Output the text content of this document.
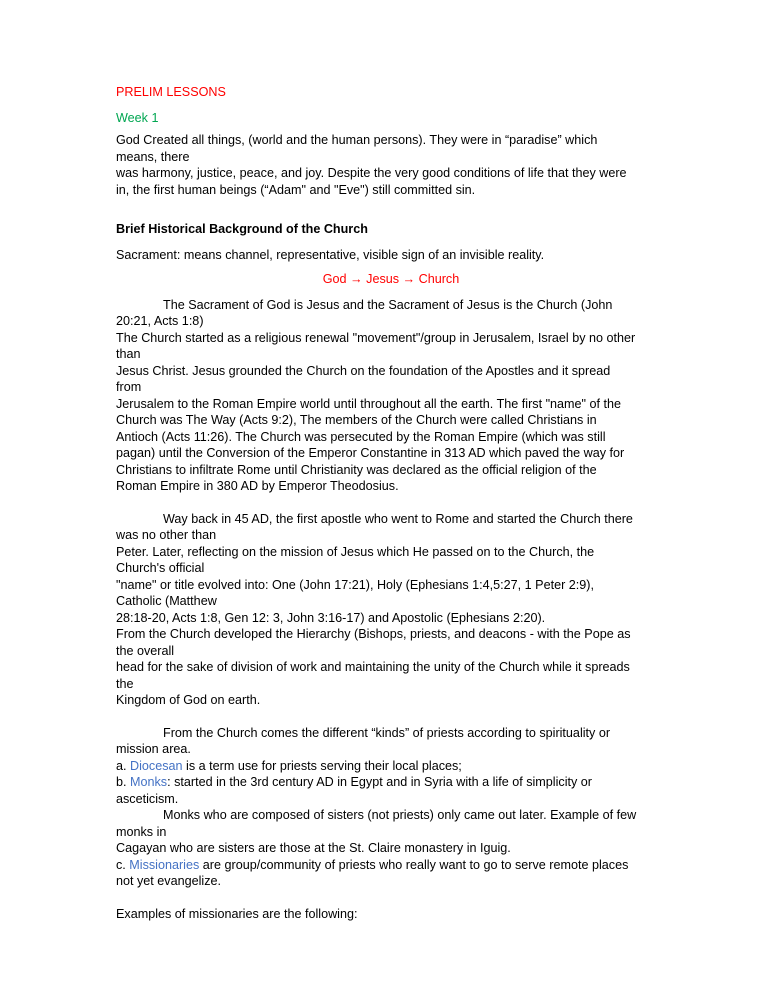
PRELIM LESSONS
Week 1
God Created all things, (world and the human persons). They were in “paradise” which
means, there
was harmony, justice, peace, and joy. Despite the very good conditions of life that they were
in, the first human beings (“Adam" and "Eve") still committed sin.
Brief Historical Background of the Church
Sacrament: means channel, representative, visible sign of an invisible reality.
God → Jesus → Church
The Sacrament of God is Jesus and the Sacrament of Jesus is the Church (John
20:21, Acts 1:8)
The Church started as a religious renewal "movement"/group in Jerusalem, Israel by no other
than
Jesus Christ. Jesus grounded the Church on the foundation of the Apostles and it spread
from
Jerusalem to the Roman Empire world until throughout all the earth. The first "name" of the
Church was The Way (Acts 9:2), The members of the Church were called Christians in
Antioch (Acts 11:26). The Church was persecuted by the Roman Empire (which was still
pagan) until the Conversion of the Emperor Constantine in 313 AD which paved the way for
Christians to infiltrate Rome until Christianity was declared as the official religion of the
Roman Empire in 380 AD by Emperor Theodosius.
Way back in 45 AD, the first apostle who went to Rome and started the Church there
was no other than
Peter. Later, reflecting on the mission of Jesus which He passed on to the Church, the
Church's official
"name" or title evolved into: One (John 17:21), Holy (Ephesians 1:4,5:27, 1 Peter 2:9),
Catholic (Matthew
28:18-20, Acts 1:8, Gen 12: 3, John 3:16-17) and Apostolic (Ephesians 2:20).
From the Church developed the Hierarchy (Bishops, priests, and deacons - with the Pope as
the overall
head for the sake of division of work and maintaining the unity of the Church while it spreads
the
Kingdom of God on earth.
From the Church comes the different “kinds” of priests according to spirituality or
mission area.
a. Diocesan is a term use for priests serving their local places;
b. Monks: started in the 3rd century AD in Egypt and in Syria with a life of simplicity or
asceticism.
Monks who are composed of sisters (not priests) only came out later. Example of few
monks in
Cagayan who are sisters are those at the St. Claire monastery in Iguig.
c. Missionaries are group/community of priests who really want to go to serve remote places
not yet evangelize.
Examples of missionaries are the following:
